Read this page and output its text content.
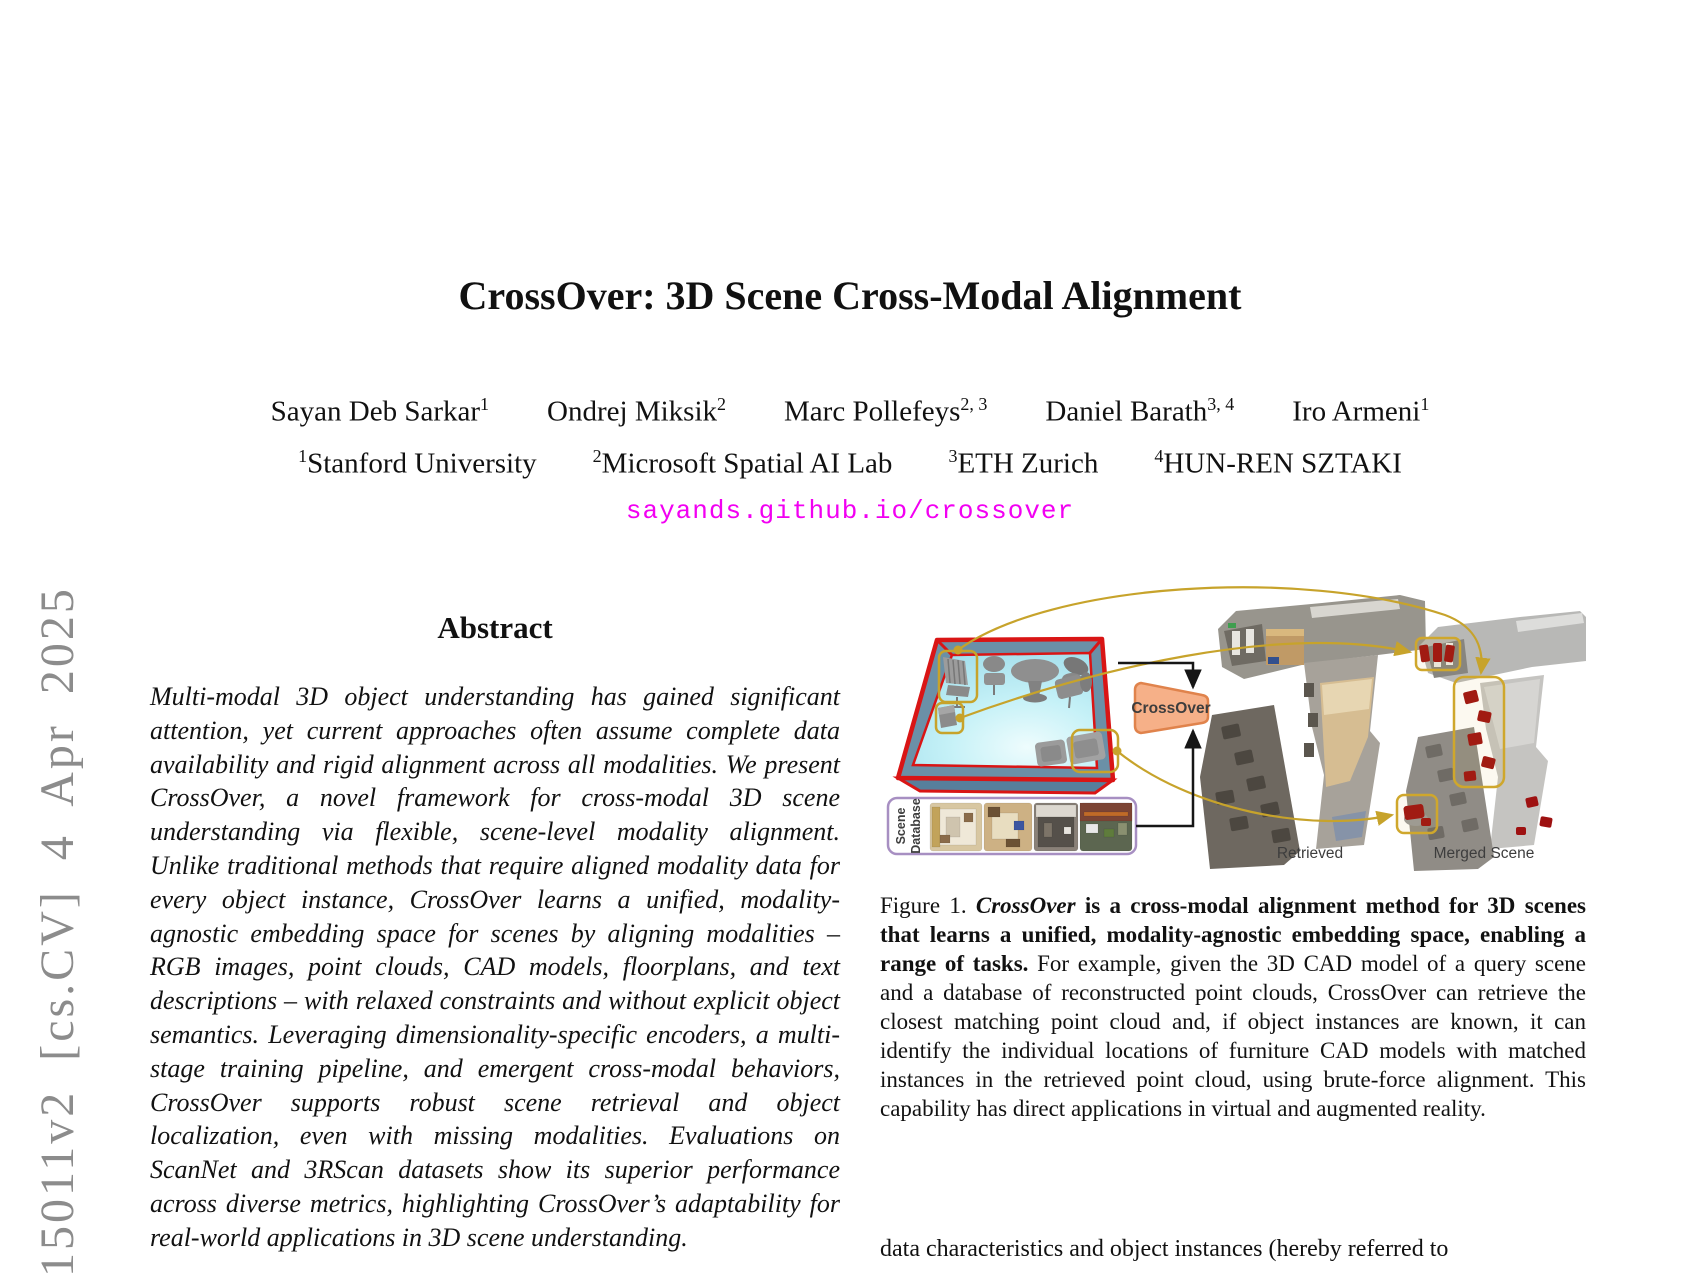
15011v2 [cs.CV] 4 Apr 2025
CrossOver: 3D Scene Cross-Modal Alignment
Sayan Deb Sarkar$^1$ Ondrej Miksik$^2$ Marc Pollefeys$^{2, 3}$ Daniel Barath$^{3, 4}$ Iro Armeni$^1$
$^1$Stanford University	$^2$Microsoft Spatial AI Lab	$^3$ETH Zurich	$^4$HUN-REN SZTAKI
sayands.github.io/crossover
Abstract

Multi-modal 3D object understanding has gained significant attention, yet current approaches often assume complete data availability and rigid alignment across all modalities. We present CrossOver, a novel framework for cross-modal 3D scene understanding via flexible, scene-level modality alignment. Unlike traditional methods that require aligned modality data for every object instance, CrossOver learns a unified, modality-agnostic embedding space for scenes by aligning modalities – RGB images, point clouds, CAD models, floorplans, and text descriptions – with relaxed constraints and without explicit object semantics. Leveraging dimensionality-specific encoders, a multi-stage training pipeline, and emergent cross-modal behaviors, CrossOver supports robust scene retrieval and object localization, even with missing modalities. Evaluations on ScanNet and 3RScan datasets show its superior performance across diverse metrics, highlighting CrossOver’s adaptability for real-world applications in 3D scene understanding.

Scene Database
CrossOver
Retrieved	Merged Scene

Figure 1. CrossOver is a cross-modal alignment method for 3D scenes that learns a unified, modality-agnostic embedding space, enabling a range of tasks. For example, given the 3D CAD model of a query scene and a database of reconstructed point clouds, CrossOver can retrieve the closest matching point cloud and, if object instances are known, it can identify the individual locations of furniture CAD models with matched instances in the retrieved point cloud, using brute-force alignment. This capability has direct applications in virtual and augmented reality.

data characteristics and object instances (hereby referred to
